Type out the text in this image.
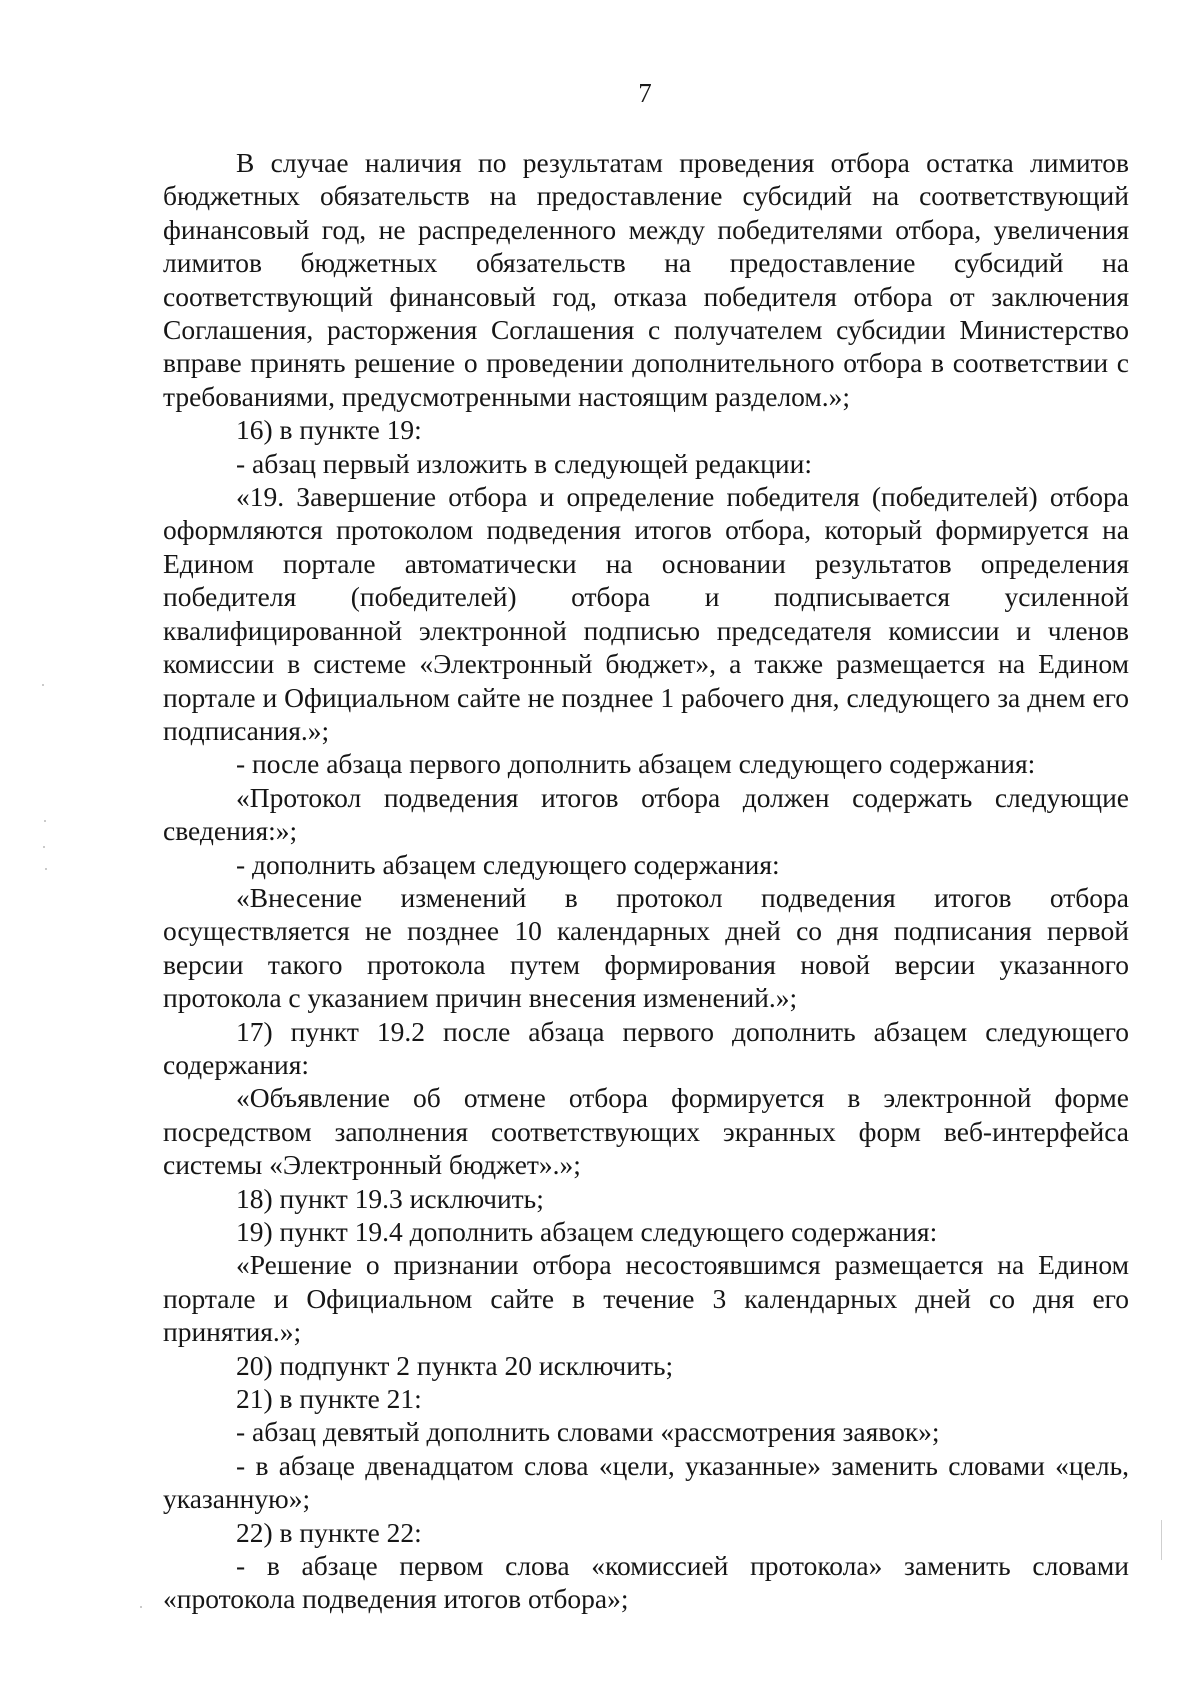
7

В случае наличия по результатам проведения отбора остатка лимитов бюджетных обязательств на предоставление субсидий на соответствующий финансовый год, не распределенного между победителями отбора, увеличения лимитов бюджетных обязательств на предоставление субсидий на соответствующий финансовый год, отказа победителя отбора от заключения Соглашения, расторжения Соглашения с получателем субсидии Министерство вправе принять решение о проведении дополнительного отбора в соответствии с требованиями, предусмотренными настоящим разделом.»;

16) в пункте 19:

- абзац первый изложить в следующей редакции:

«19. Завершение отбора и определение победителя (победителей) отбора оформляются протоколом подведения итогов отбора, который формируется на Едином портале автоматически на основании результатов определения победителя (победителей) отбора и подписывается усиленной квалифицированной электронной подписью председателя комиссии и членов комиссии в системе «Электронный бюджет», а также размещается на Едином портале и Официальном сайте не позднее 1 рабочего дня, следующего за днем его подписания.»;

- после абзаца первого дополнить абзацем следующего содержания:

«Протокол подведения итогов отбора должен содержать следующие сведения:»;

- дополнить абзацем следующего содержания:

«Внесение изменений в протокол подведения итогов отбора осуществляется не позднее 10 календарных дней со дня подписания первой версии такого протокола путем формирования новой версии указанного протокола с указанием причин внесения изменений.»;

17) пункт 19.2 после абзаца первого дополнить абзацем следующего содержания:

«Объявление об отмене отбора формируется в электронной форме посредством заполнения соответствующих экранных форм веб-интерфейса системы «Электронный бюджет».»;

18) пункт 19.3 исключить;

19) пункт 19.4 дополнить абзацем следующего содержания:

«Решение о признании отбора несостоявшимся размещается на Едином портале и Официальном сайте в течение 3 календарных дней со дня его принятия.»;

20) подпункт 2 пункта 20 исключить;

21) в пункте 21:

- абзац девятый дополнить словами «рассмотрения заявок»;

- в абзаце двенадцатом слова «цели, указанные» заменить словами «цель, указанную»;

22) в пункте 22:

- в абзаце первом слова «комиссией протокола» заменить словами «протокола подведения итогов отбора»;
